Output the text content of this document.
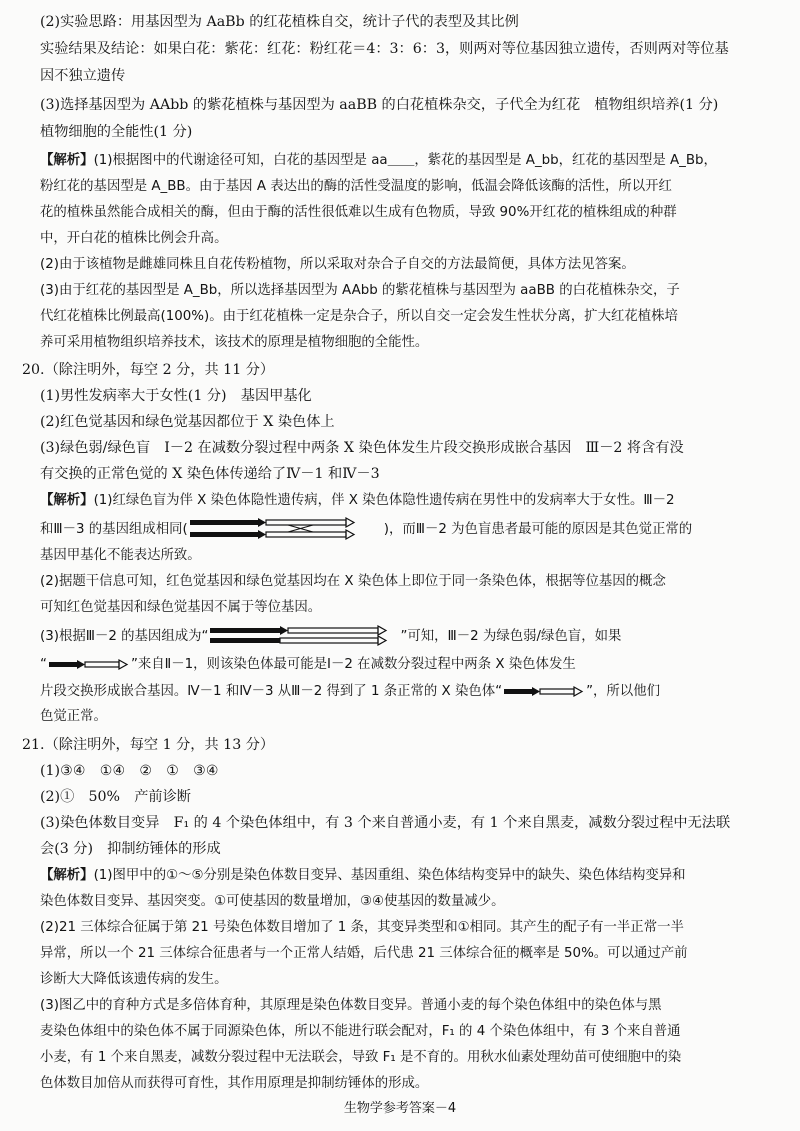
(2)实验思路：用基因型为 AaBb 的红花植株自交，统计子代的表型及其比例
实验结果及结论：如果白花：紫花：红花：粉红花＝4：3：6：3，则两对等位基因独立遗传，否则两对等位基
因不独立遗传
(3)选择基因型为 AAbb 的紫花植株与基因型为 aaBB 的白花植株杂交，子代全为红花　植物组织培养(1 分)
植物细胞的全能性(1 分)
【解析】(1)根据图中的代谢途径可知，白花的基因型是 aa＿＿，紫花的基因型是 A_bb，红花的基因型是 A_Bb，
粉红花的基因型是 A_BB。由于基因 A 表达出的酶的活性受温度的影响，低温会降低该酶的活性，所以开红
花的植株虽然能合成相关的酶，但由于酶的活性很低难以生成有色物质，导致 90%开红花的植株组成的种群
中，开白花的植株比例会升高。
(2)由于该植物是雌雄同株且自花传粉植物，所以采取对杂合子自交的方法最简便，具体方法见答案。
(3)由于红花的基因型是 A_Bb，所以选择基因型为 AAbb 的紫花植株与基因型为 aaBB 的白花植株杂交，子
代红花植株比例最高(100%)。由于红花植株一定是杂合子，所以自交一定会发生性状分离，扩大红花植株培
养可采用植物组织培养技术，该技术的原理是植物细胞的全能性。
20.（除注明外，每空 2 分，共 11 分）
(1)男性发病率大于女性(1 分)　基因甲基化
(2)红色觉基因和绿色觉基因都位于 X 染色体上
(3)绿色弱/绿色盲　Ⅰ－2 在减数分裂过程中两条 X 染色体发生片段交换形成嵌合基因　Ⅲ－2 将含有没
有交换的正常色觉的 X 染色体传递给了Ⅳ－1 和Ⅳ－3
【解析】(1)红绿色盲为伴 X 染色体隐性遗传病，伴 X 染色体隐性遗传病在男性中的发病率大于女性。Ⅲ－2
和Ⅲ－3 的基因组成相同(	)，而Ⅲ－2 为色盲患者最可能的原因是其色觉正常的
基因甲基化不能表达所致。
(2)据题干信息可知，红色觉基因和绿色觉基因均在 X 染色体上即位于同一条染色体，根据等位基因的概念
可知红色觉基因和绿色觉基因不属于等位基因。
(3)根据Ⅲ－2 的基因组成为“	”可知，Ⅲ－2 为绿色弱/绿色盲，如果
“	”来自Ⅱ－1，则该染色体最可能是Ⅰ－2 在减数分裂过程中两条 X 染色体发生
片段交换形成嵌合基因。Ⅳ－1 和Ⅳ－3 从Ⅲ－2 得到了 1 条正常的 X 染色体“	”，所以他们
色觉正常。
21.（除注明外，每空 1 分，共 13 分）
(1)③④　①④　②　①　③④
(2)①　50%　产前诊断
(3)染色体数目变异　F₁ 的 4 个染色体组中，有 3 个来自普通小麦，有 1 个来自黑麦，减数分裂过程中无法联
会(3 分)　抑制纺锤体的形成
【解析】(1)图甲中的①～⑤分别是染色体数目变异、基因重组、染色体结构变异中的缺失、染色体结构变异和
染色体数目变异、基因突变。①可使基因的数量增加，③④使基因的数量减少。
(2)21 三体综合征属于第 21 号染色体数目增加了 1 条，其变异类型和①相同。其产生的配子有一半正常一半
异常，所以一个 21 三体综合征患者与一个正常人结婚，后代患 21 三体综合征的概率是 50%。可以通过产前
诊断大大降低该遗传病的发生。
(3)图乙中的育种方式是多倍体育种，其原理是染色体数目变异。普通小麦的每个染色体组中的染色体与黑
麦染色体组中的染色体不属于同源染色体，所以不能进行联会配对，F₁ 的 4 个染色体组中，有 3 个来自普通
小麦，有 1 个来自黑麦，减数分裂过程中无法联会，导致 F₁ 是不育的。用秋水仙素处理幼苗可使细胞中的染
色体数目加倍从而获得可育性，其作用原理是抑制纺锤体的形成。
生物学参考答案－4
